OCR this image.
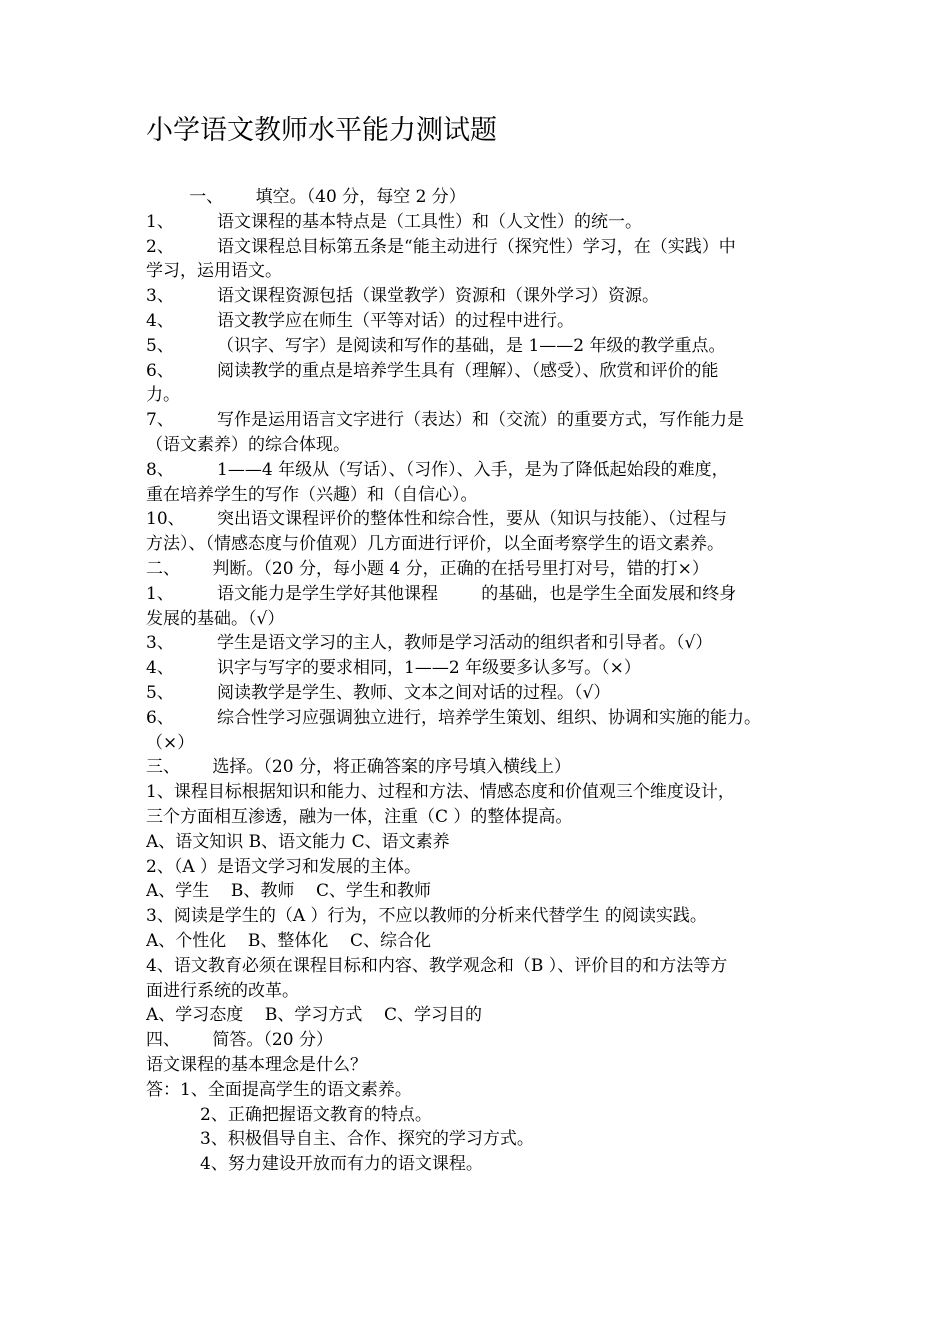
小学语文教师水平能力测试题
一、      填空。（40 分，每空 2 分）
1、        语文课程的基本特点是（工具性）和（人文性）的统一。
2、        语文课程总目标第五条是“能主动进行（探究性）学习，在（实践）中
学习，运用语文。
3、        语文课程资源包括（课堂教学）资源和（课外学习）资源。
4、        语文教学应在师生（平等对话）的过程中进行。
5、        （识字、写字）是阅读和写作的基础，是 1——2 年级的教学重点。
6、        阅读教学的重点是培养学生具有（理解）、（感受）、欣赏和评价的能
力。
7、        写作是运用语言文字进行（表达）和（交流）的重要方式，写作能力是
（语文素养）的综合体现。
8、        1——4 年级从（写话）、（习作）、入手，是为了降低起始段的难度，
重在培养学生的写作（兴趣）和（自信心）。
10、      突出语文课程评价的整体性和综合性，要从（知识与技能）、（过程与
方法）、（情感态度与价值观）几方面进行评价，以全面考察学生的语文素养。
二、      判断。（20 分，每小题 4 分，正确的在括号里打对号，错的打×）
1、        语文能力是学生学好其他课程        的基础，也是学生全面发展和终身
发展的基础。（√）
3、        学生是语文学习的主人，教师是学习活动的组织者和引导者。（√）
4、        识字与写字的要求相同，1——2 年级要多认多写。（×）
5、        阅读教学是学生、教师、文本之间对话的过程。（√）
6、        综合性学习应强调独立进行，培养学生策划、组织、协调和实施的能力。
（×）
三、      选择。（20 分，将正确答案的序号填入横线上）
1、课程目标根据知识和能力、过程和方法、情感态度和价值观三个维度设计，
三个方面相互渗透，融为一体，注重（C ）的整体提高。
A、语文知识 B、语文能力 C、语文素养
2、（A ）是语文学习和发展的主体。
A、学生    B、教师    C、学生和教师
3、阅读是学生的（A ）行为，不应以教师的分析来代替学生 的阅读实践。
A、个性化    B、整体化    C、综合化
4、语文教育必须在课程目标和内容、教学观念和（B ）、评价目的和方法等方
面进行系统的改革。
A、学习态度    B、学习方式    C、学习目的
四、      简答。（20 分）
语文课程的基本理念是什么？
答：1、全面提高学生的语文素养。
2、正确把握语文教育的特点。
3、积极倡导自主、合作、探究的学习方式。
4、努力建设开放而有力的语文课程。
